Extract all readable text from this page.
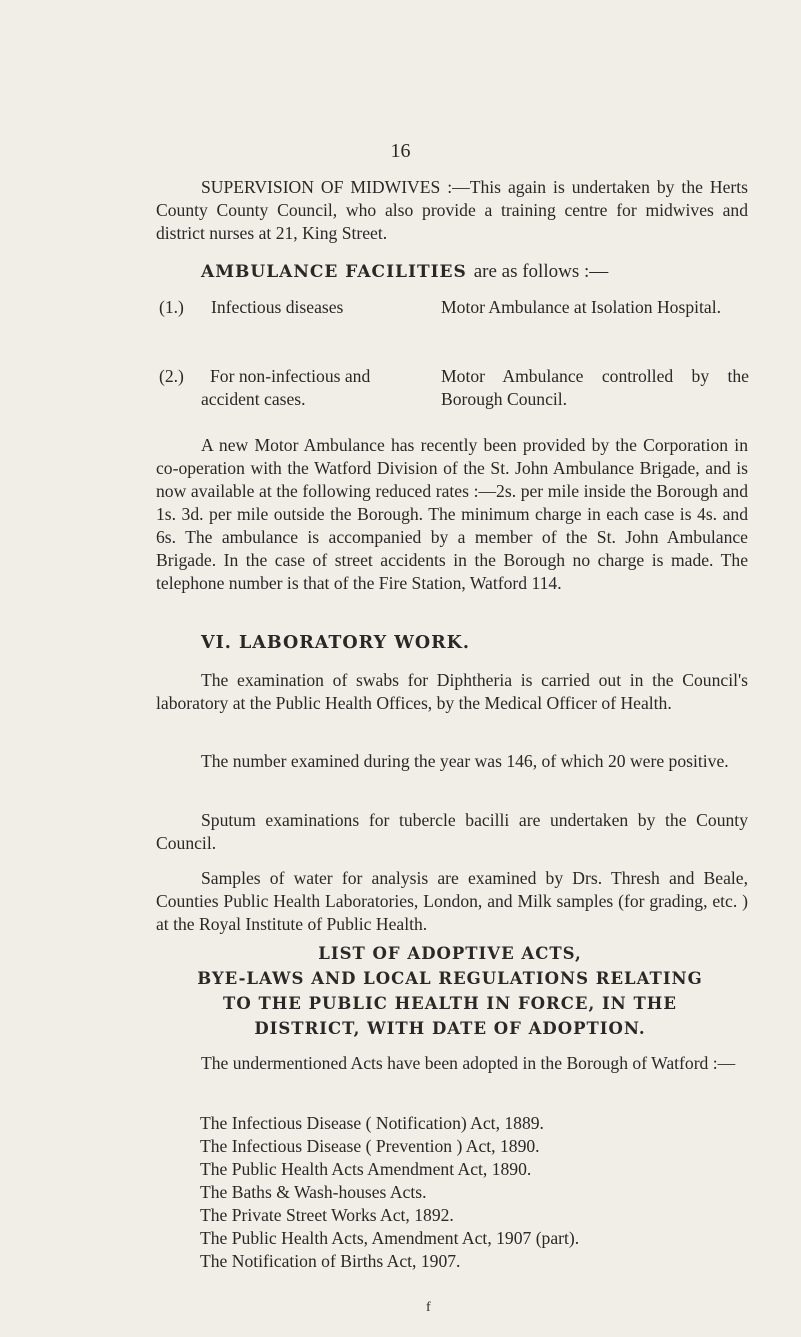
16

SUPERVISION OF MIDWIVES :—This again is undertaken by the Herts County County Council, who also provide a training centre for midwives and district nurses at 21, King Street.

AMBULANCE FACILITIES are as follows :—
(1.) Infectious diseases	Motor Ambulance at Isolation Hospital.
(2.)	For non-infectious and accident cases.
Motor Ambulance controlled by the Borough Council.

A new Motor Ambulance has recently been provided by the Corporation in co-operation with the Watford Division of the St. John Ambulance Brigade, and is now available at the following reduced rates :—2s. per mile inside the Borough and 1s. 3d. per mile outside the Borough. The minimum charge in each case is 4s. and 6s. The ambulance is accompanied by a member of the St. John Ambulance Brigade. In the case of street accidents in the Borough no charge is made. The telephone number is that of the Fire Station, Watford 114.

VI. LABORATORY WORK.

The examination of swabs for Diphtheria is carried out in the Council's laboratory at the Public Health Offices, by the Medical Officer of Health.

The number examined during the year was 146, of which 20 were positive.

Sputum examinations for tubercle bacilli are undertaken by the County Council.

Samples of water for analysis are examined by Drs. Thresh and Beale, Counties Public Health Laboratories, London, and Milk samples (for grading, etc. ) at the Royal Institute of Public Health.

LIST OF ADOPTIVE ACTS,
BYE-LAWS AND LOCAL REGULATIONS RELATING
TO THE PUBLIC HEALTH IN FORCE, IN THE
DISTRICT, WITH DATE OF ADOPTION.

The undermentioned Acts have been adopted in the Borough of Watford :—

The Infectious Disease ( Notification) Act, 1889.
The Infectious Disease ( Prevention ) Act, 1890.
The Public Health Acts Amendment Act, 1890.
The Baths & Wash-houses Acts.
The Private Street Works Act, 1892.
The Public Health Acts, Amendment Act, 1907 (part).
The Notification of Births Act, 1907.
f
